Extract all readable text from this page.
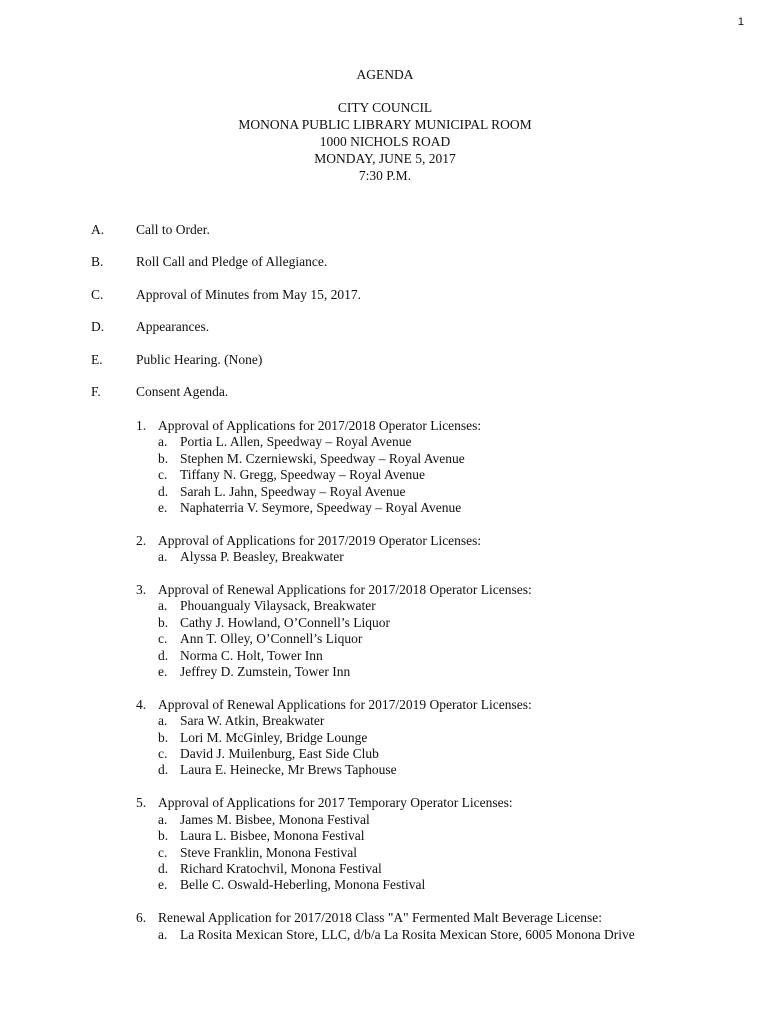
1
AGENDA
CITY COUNCIL
MONONA PUBLIC LIBRARY MUNICIPAL ROOM
1000 NICHOLS ROAD
MONDAY, JUNE 5, 2017
7:30 P.M.
A.	Call to Order.
B.	Roll Call and Pledge of Allegiance.
C.	Approval of Minutes from May 15, 2017.
D.	Appearances.
E.	Public Hearing. (None)
F.	Consent Agenda.
1. Approval of Applications for 2017/2018 Operator Licenses:
a. Portia L. Allen, Speedway – Royal Avenue
b. Stephen M. Czerniewski, Speedway – Royal Avenue
c. Tiffany N. Gregg, Speedway – Royal Avenue
d. Sarah L. Jahn, Speedway – Royal Avenue
e. Naphaterria V. Seymore, Speedway – Royal Avenue
2. Approval of Applications for 2017/2019 Operator Licenses:
a. Alyssa P. Beasley, Breakwater
3. Approval of Renewal Applications for 2017/2018 Operator Licenses:
a. Phouangualy Vilaysack, Breakwater
b. Cathy J. Howland, O’Connell’s Liquor
c. Ann T. Olley, O’Connell’s Liquor
d. Norma C. Holt, Tower Inn
e. Jeffrey D. Zumstein, Tower Inn
4. Approval of Renewal Applications for 2017/2019 Operator Licenses:
a. Sara W. Atkin, Breakwater
b. Lori M. McGinley, Bridge Lounge
c. David J. Muilenburg, East Side Club
d. Laura E. Heinecke, Mr Brews Taphouse
5. Approval of Applications for 2017 Temporary Operator Licenses:
a. James M. Bisbee, Monona Festival
b. Laura L. Bisbee, Monona Festival
c. Steve Franklin, Monona Festival
d. Richard Kratochvil, Monona Festival
e. Belle C. Oswald-Heberling, Monona Festival
6. Renewal Application for 2017/2018 Class "A" Fermented Malt Beverage License:
a. La Rosita Mexican Store, LLC, d/b/a La Rosita Mexican Store, 6005 Monona Drive
